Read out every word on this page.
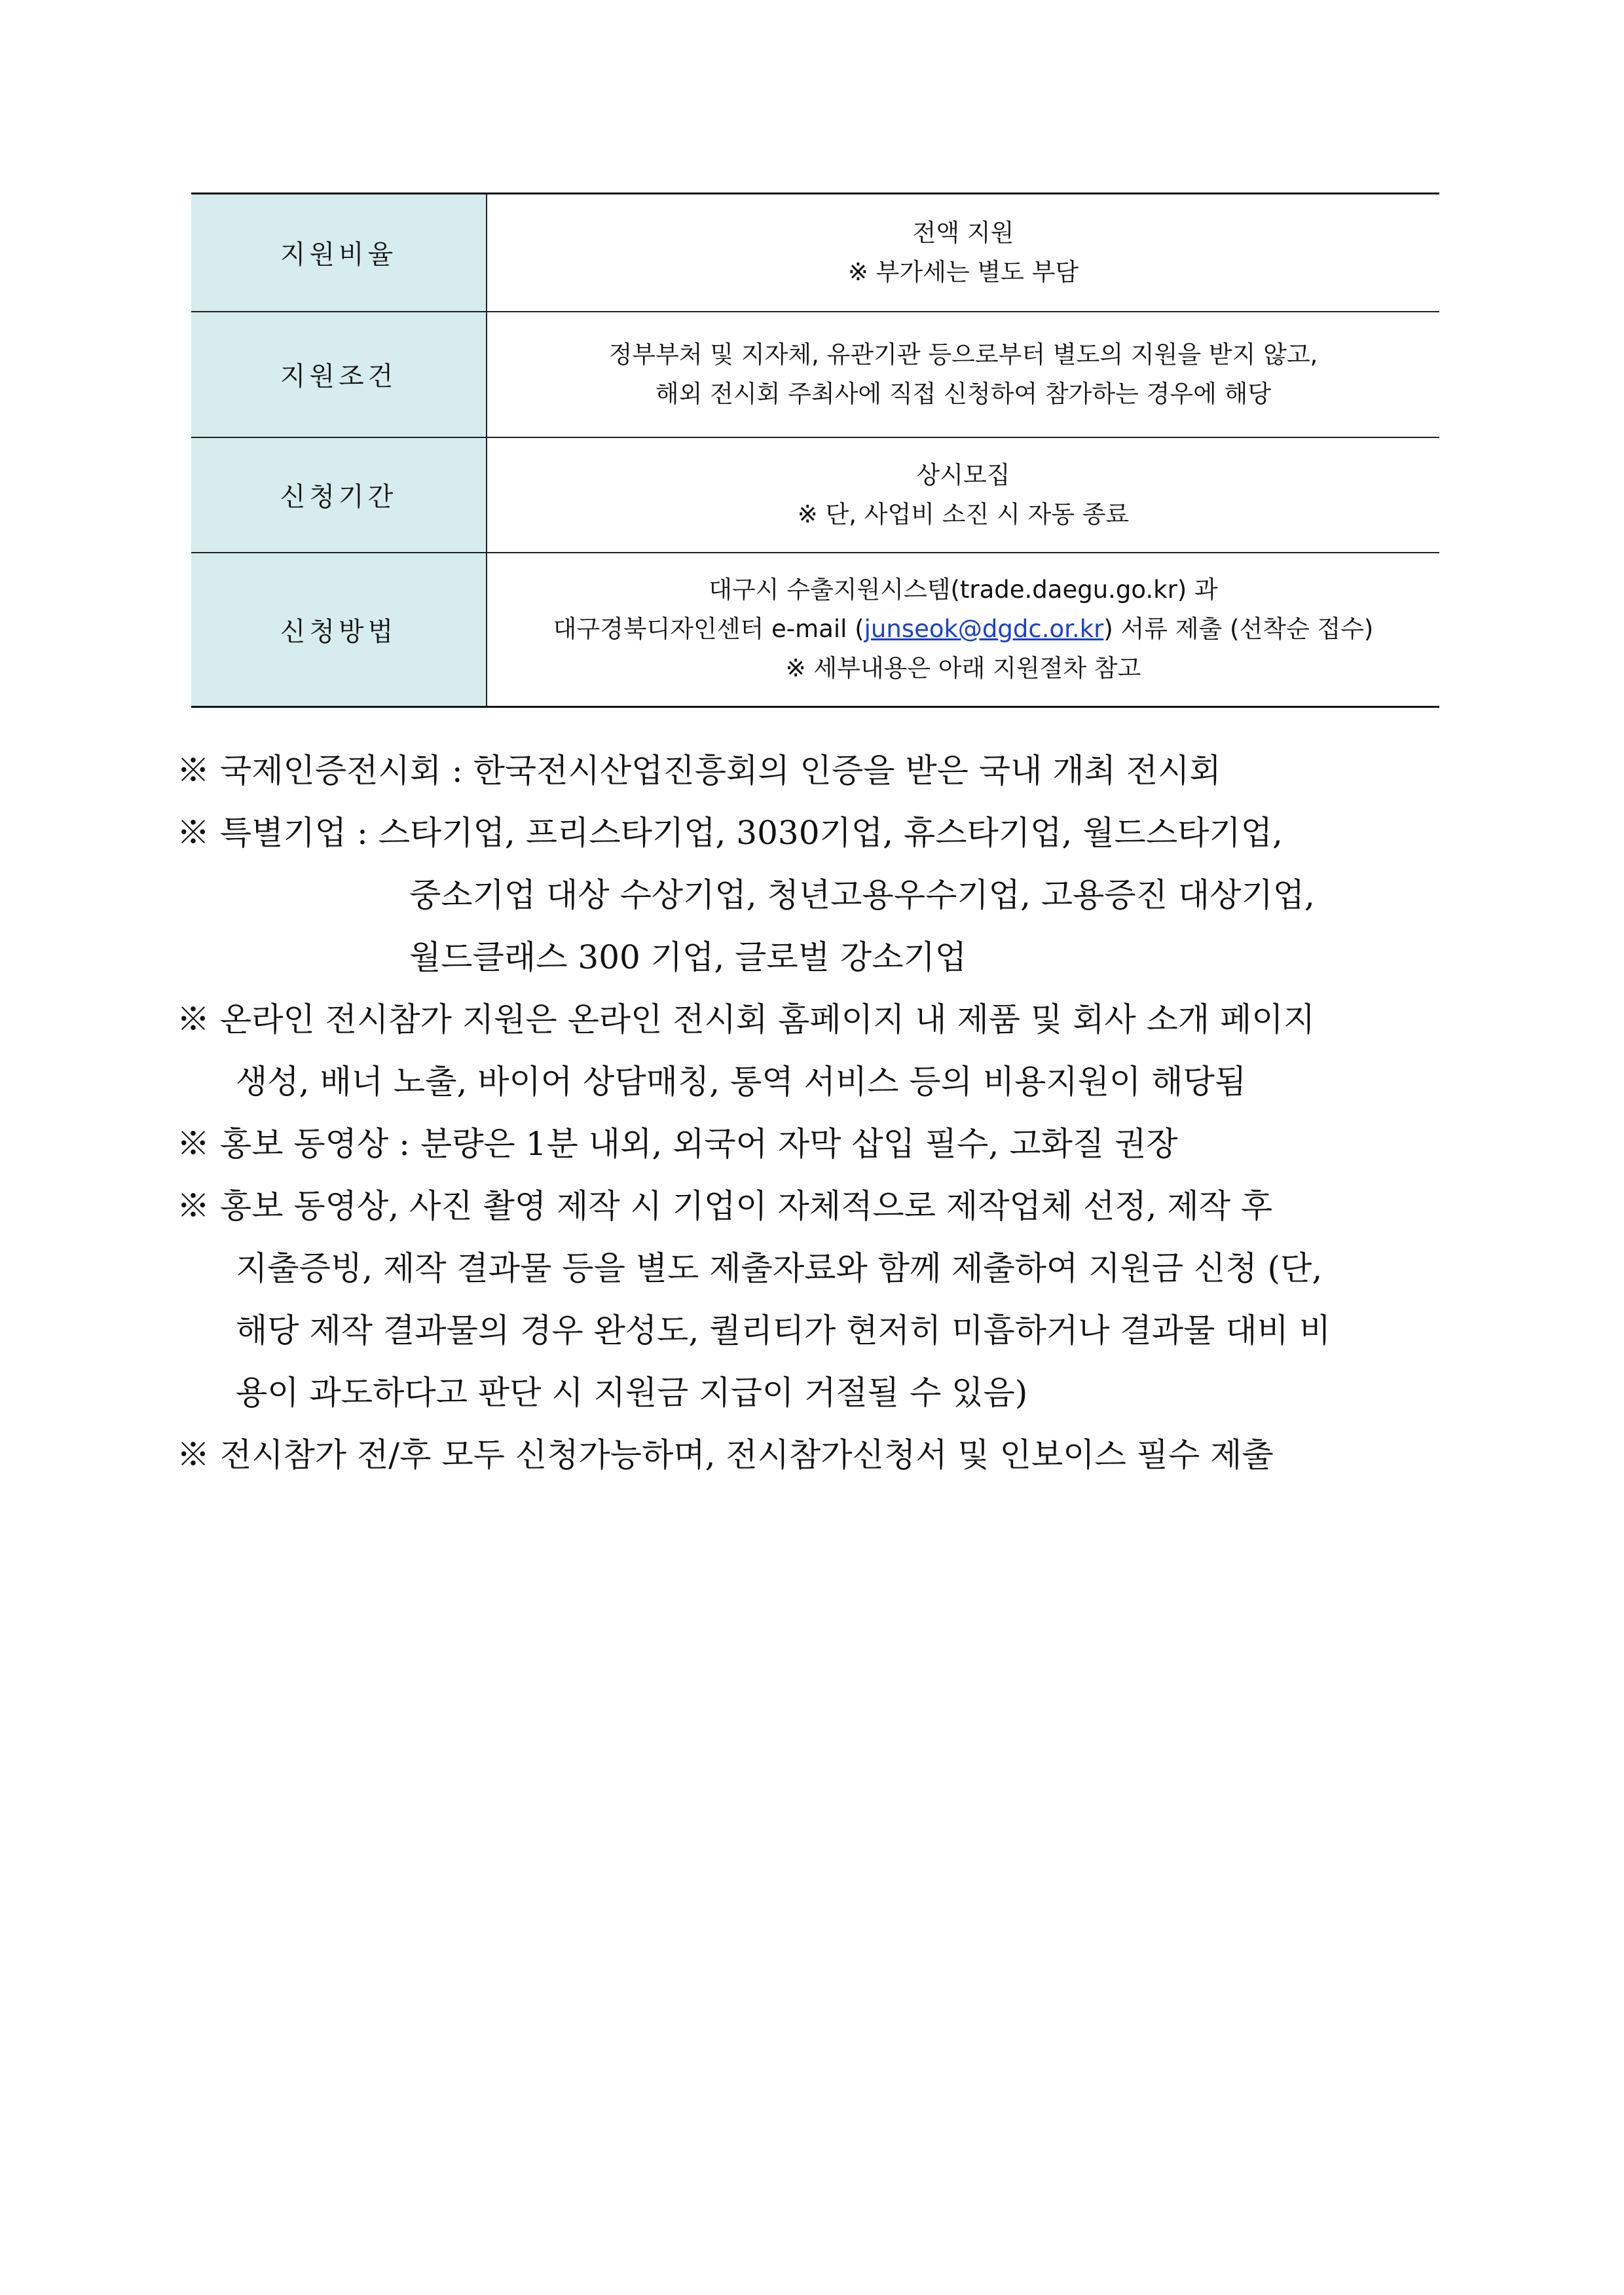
지원비율	전액 지원
※ 부가세는 별도 부담

지원조건	정부부처 및 지자체, 유관기관 등으로부터 별도의 지원을 받지 않고,
해외 전시회 주최사에 직접 신청하여 참가하는 경우에 해당

신청기간	상시모집
※ 단, 사업비 소진 시 자동 종료

신청방법	대구시 수출지원시스템(trade.daegu.go.kr) 과
대구경북디자인센터 e-mail (junseok@dgdc.or.kr) 서류 제출 (선착순 접수)
※ 세부내용은 아래 지원절차 참고
※ 국제인증전시회 : 한국전시산업진흥회의 인증을 받은 국내 개최 전시회
※ 특별기업 : 스타기업, 프리스타기업, 3030기업, 휴스타기업, 월드스타기업,
중소기업 대상 수상기업, 청년고용우수기업, 고용증진 대상기업,
월드클래스 300 기업, 글로벌 강소기업
※ 온라인 전시참가 지원은 온라인 전시회 홈페이지 내 제품 및 회사 소개 페이지
생성, 배너 노출, 바이어 상담매칭, 통역 서비스 등의 비용지원이 해당됨
※ 홍보 동영상 : 분량은 1분 내외, 외국어 자막 삽입 필수, 고화질 권장
※ 홍보 동영상, 사진 촬영 제작 시 기업이 자체적으로 제작업체 선정, 제작 후
지출증빙, 제작 결과물 등을 별도 제출자료와 함께 제출하여 지원금 신청 (단,
해당 제작 결과물의 경우 완성도, 퀄리티가 현저히 미흡하거나 결과물 대비 비
용이 과도하다고 판단 시 지원금 지급이 거절될 수 있음)
※ 전시참가 전/후 모두 신청가능하며, 전시참가신청서 및 인보이스 필수 제출
